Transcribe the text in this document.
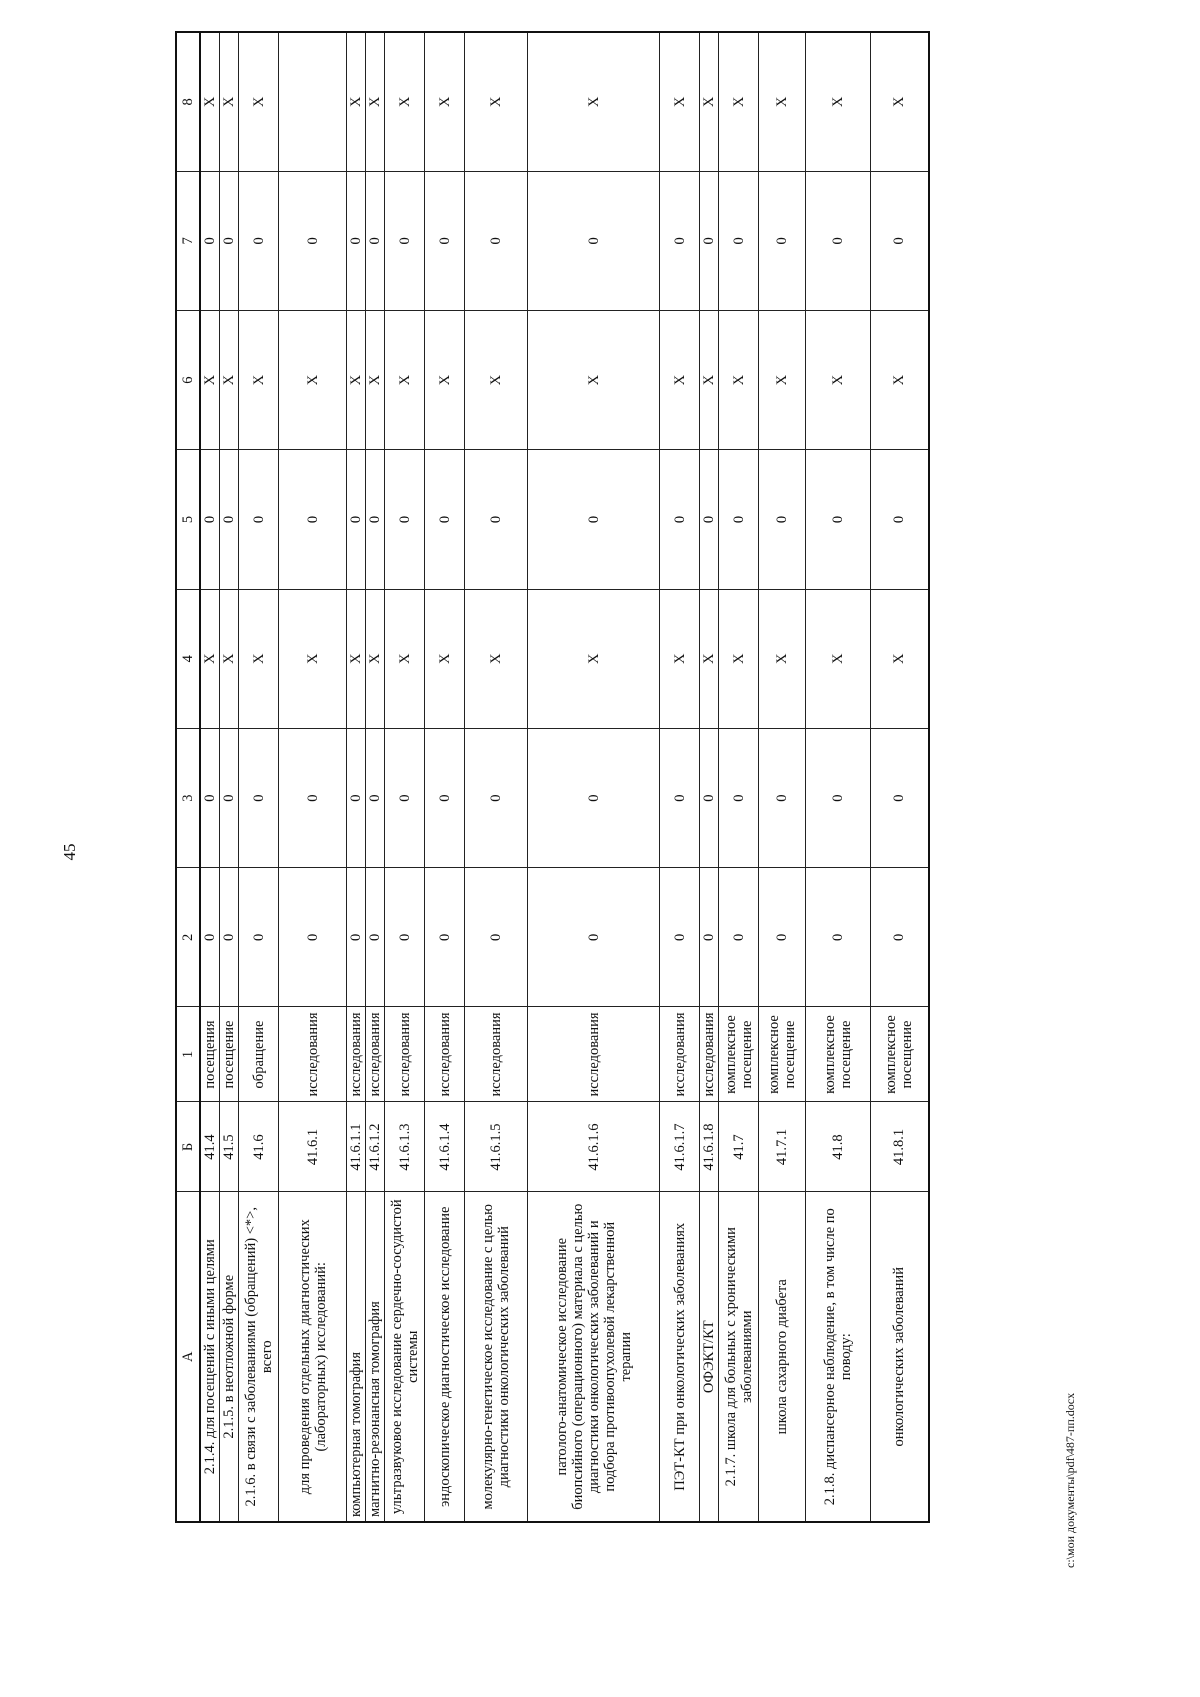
45
А	Б	1	2	3	4	5	6	7	8
2.1.4. для посещений с иными целями	41.4	посещения	0	0	X	0	X	0	X
2.1.5. в неотложной форме	41.5	посещение	0	0	X	0	X	0	X
2.1.6. в связи с заболеваниями (обращений) <*>, всего	41.6	обращение	0	0	X	0	X	0	X
для проведения отдельных диагностических (лабораторных) исследований:	41.6.1	исследования	0	0	X	0	X	0	
компьютерная томография	41.6.1.1	исследования	0	0	X	0	X	0	X
магнитно-резонансная томография	41.6.1.2	исследования	0	0	X	0	X	0	X
ультразвуковое исследование сердечно-сосудистой системы	41.6.1.3	исследования	0	0	X	0	X	0	X
эндоскопическое диагностическое исследование	41.6.1.4	исследования	0	0	X	0	X	0	X
молекулярно-генетическое исследование с целью диагностики онкологических заболеваний	41.6.1.5	исследования	0	0	X	0	X	0	X
патолого-анатомическое исследование биопсийного (операционного) материала с целью диагностики онкологических заболеваний и подбора противоопухолевой лекарственной терапии	41.6.1.6	исследования	0	0	X	0	X	0	X
ПЭТ-КТ при онкологических заболеваниях	41.6.1.7	исследования	0	0	X	0	X	0	X
ОФЭКТ/КТ	41.6.1.8	исследования	0	0	X	0	X	0	X
2.1.7. школа для больных с хроническими заболеваниями	41.7	комплексное посещение	0	0	X	0	X	0	X
школа сахарного диабета	41.7.1	комплексное посещение	0	0	X	0	X	0	X
2.1.8. диспансерное наблюдение, в том числе по поводу:	41.8	комплексное посещение	0	0	X	0	X	0	X
онкологических заболеваний	41.8.1	комплексное посещение	0	0	X	0	X	0	X
c:\мои документы\pdf\487-пп.docx
